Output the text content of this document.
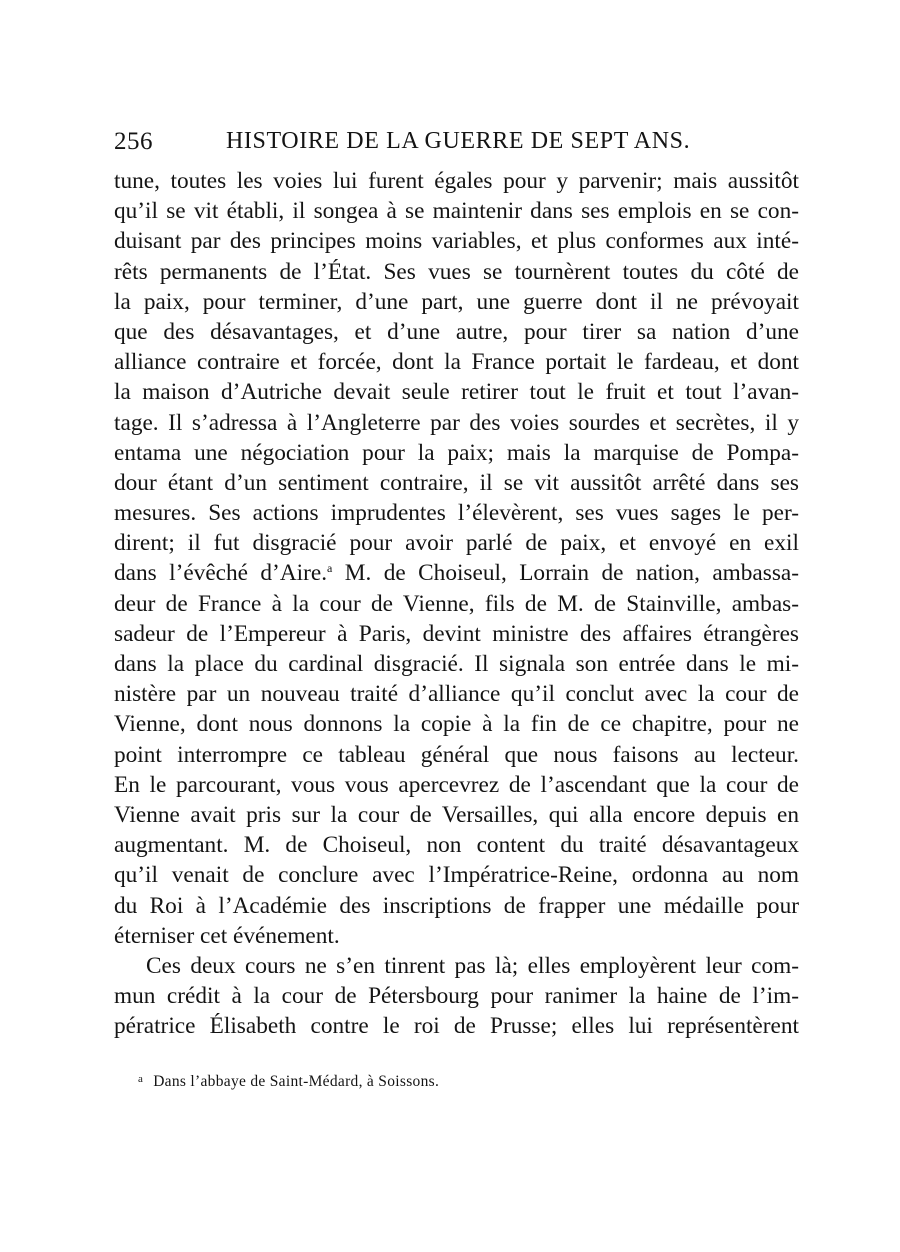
256	HISTOIRE DE LA GUERRE DE SEPT ANS.
tune, toutes les voies lui furent égales pour y parvenir; mais aussitôt
qu’il se vit établi, il songea à se maintenir dans ses emplois en se con-
duisant par des principes moins variables, et plus conformes aux inté-
rêts permanents de l’État. Ses vues se tournèrent toutes du côté de
la paix, pour terminer, d’une part, une guerre dont il ne prévoyait
que des désavantages, et d’une autre, pour tirer sa nation d’une
alliance contraire et forcée, dont la France portait le fardeau, et dont
la maison d’Autriche devait seule retirer tout le fruit et tout l’avan-
tage. Il s’adressa à l’Angleterre par des voies sourdes et secrètes, il y
entama une négociation pour la paix; mais la marquise de Pompa-
dour étant d’un sentiment contraire, il se vit aussitôt arrêté dans ses
mesures. Ses actions imprudentes l’élevèrent, ses vues sages le per-
dirent; il fut disgracié pour avoir parlé de paix, et envoyé en exil
dans l’évêché d’Aire.$^a$ M. de Choiseul, Lorrain de nation, ambassa-
deur de France à la cour de Vienne, fils de M. de Stainville, ambas-
sadeur de l’Empereur à Paris, devint ministre des affaires étrangères
dans la place du cardinal disgracié. Il signala son entrée dans le mi-
nistère par un nouveau traité d’alliance qu’il conclut avec la cour de
Vienne, dont nous donnons la copie à la fin de ce chapitre, pour ne
point interrompre ce tableau général que nous faisons au lecteur.
En le parcourant, vous vous apercevrez de l’ascendant que la cour de
Vienne avait pris sur la cour de Versailles, qui alla encore depuis en
augmentant. M. de Choiseul, non content du traité désavantageux
qu’il venait de conclure avec l’Impératrice-Reine, ordonna au nom
du Roi à l’Académie des inscriptions de frapper une médaille pour
éterniser cet événement.
Ces deux cours ne s’en tinrent pas là; elles employèrent leur com-
mun crédit à la cour de Pétersbourg pour ranimer la haine de l’im-
pératrice Élisabeth contre le roi de Prusse; elles lui représentèrent
$^a$ Dans l’abbaye de Saint-Médard, à Soissons.
